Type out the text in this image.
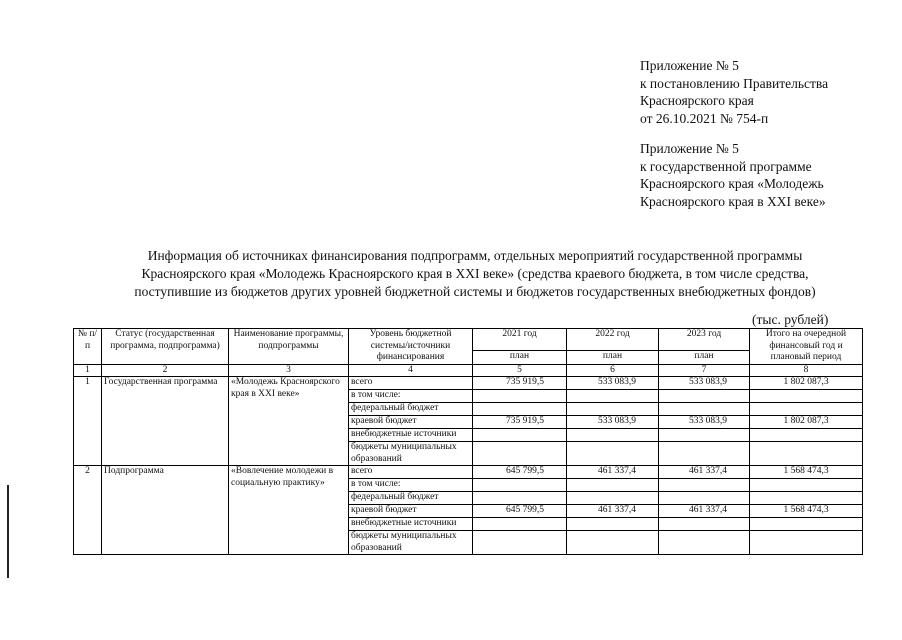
Приложение № 5
к постановлению Правительства
Красноярского края
от 26.10.2021 № 754-п
Приложение № 5
к государственной программе
Красноярского края «Молодежь
Красноярского края в XXI веке»
Информация об источниках финансирования подпрограмм, отдельных мероприятий государственной программы
Красноярского края «Молодежь Красноярского края в XXI веке» (средства краевого бюджета, в том числе средства,
поступившие из бюджетов других уровней бюджетной системы и бюджетов государственных внебюджетных фондов)
(тыс. рублей)
№ п/п	Статус (государственная программа, подпрограмма)	Наименование программы, подпрограммы	Уровень бюджетной системы/источники финансирования	2021 год	2022 год	2023 год	Итого на очередной финансовый год и плановый период
				план	план	план	
1	2	3	4	5	6	7	8
1	Государственная программа	«Молодежь Красноярского края в XXI веке»	всего	735 919,5	533 083,9	533 083,9	1 802 087,3
			в том числе:				
			федеральный бюджет				
			краевой бюджет	735 919,5	533 083,9	533 083,9	1 802 087,3
			внебюджетные источники				
			бюджеты муниципальных образований				
2	Подпрограмма	«Вовлечение молодежи в социальную практику»	всего	645 799,5	461 337,4	461 337,4	1 568 474,3
			в том числе:				
			федеральный бюджет				
			краевой бюджет	645 799,5	461 337,4	461 337,4	1 568 474,3
			внебюджетные источники				
			бюджеты муниципальных образований				
